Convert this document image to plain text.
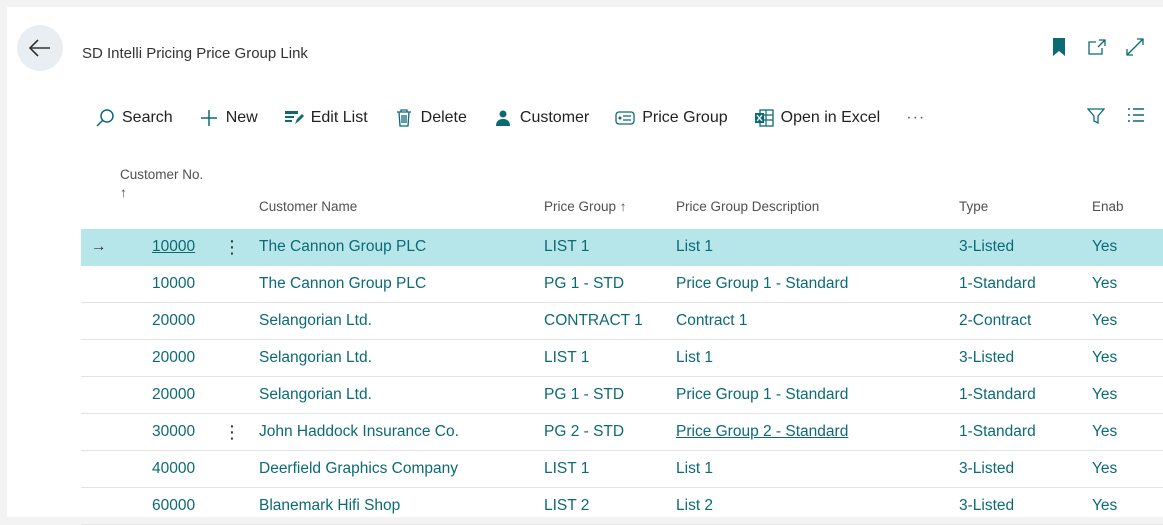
SD Intelli Pricing Price Group Link
Search	New	Edit List	Delete	Customer	Price Group	Open in Excel ···
Customer No.
↑			Customer Name	Price Group ↑	Price Group Description	Type	Enab
→	10000	⋮	The Cannon Group PLC	LIST 1	List 1	3-Listed	Yes
	10000		The Cannon Group PLC	PG 1 - STD	Price Group 1 - Standard	1-Standard	Yes
	20000		Selangorian Ltd.	CONTRACT 1	Contract 1	2-Contract	Yes
	20000		Selangorian Ltd.	LIST 1	List 1	3-Listed	Yes
	20000		Selangorian Ltd.	PG 1 - STD	Price Group 1 - Standard	1-Standard	Yes
	30000	⋮	John Haddock Insurance Co.	PG 2 - STD	Price Group 2 - Standard	1-Standard	Yes
	40000		Deerfield Graphics Company	LIST 1	List 1	3-Listed	Yes
	60000		Blanemark Hifi Shop	LIST 2	List 2	3-Listed	Yes
